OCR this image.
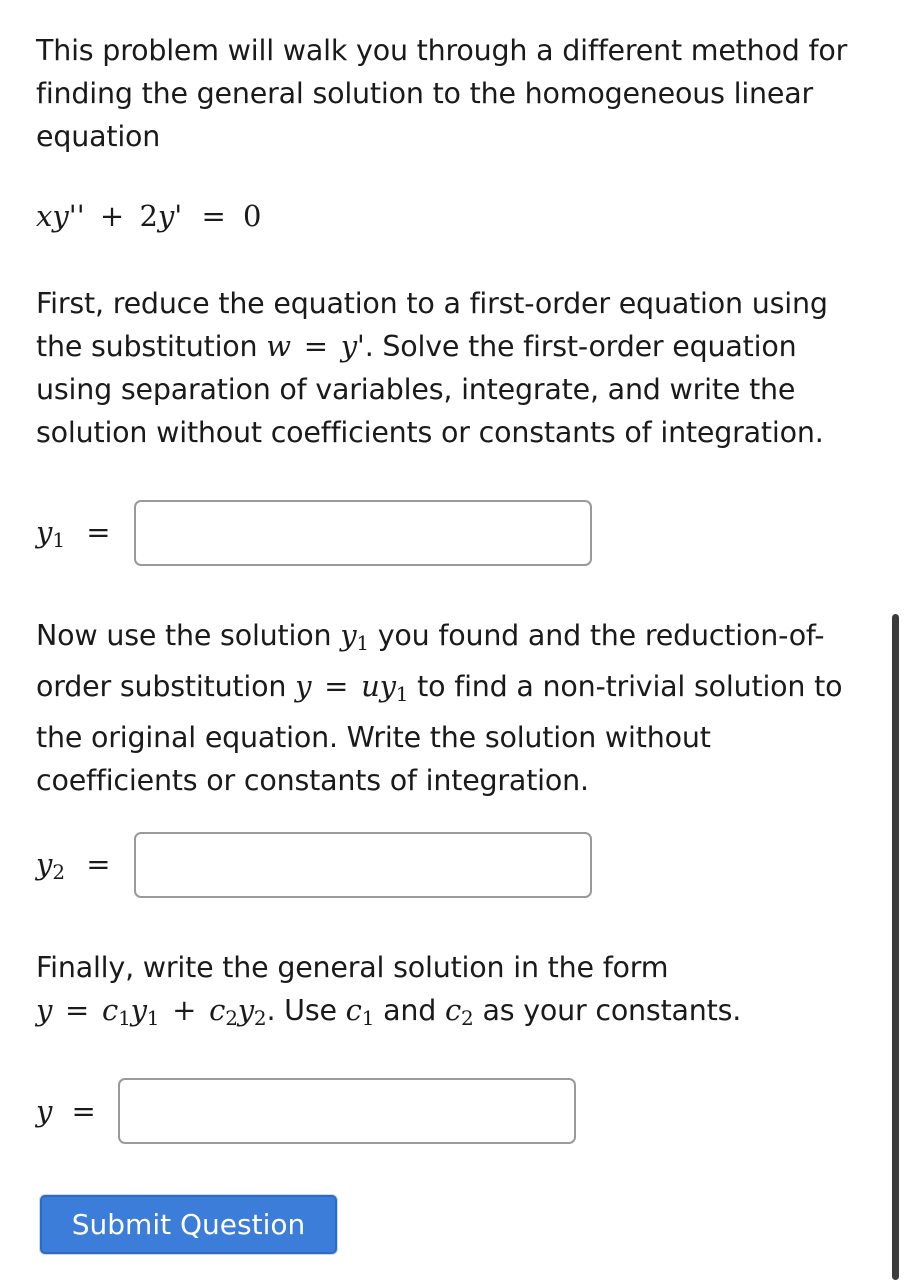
This problem will walk you through a different method for finding the general solution to the homogeneous linear equation
xy'' + 2y' = 0
First, reduce the equation to a first-order equation using the substitution w = y'. Solve the first-order equation using separation of variables, integrate, and write the solution without coefficients or constants of integration.
y1 =
Now use the solution y1 you found and the reduction-of-order substitution y = uy1 to find a non-trivial solution to the original equation. Write the solution without coefficients or constants of integration.
y2 =
Finally, write the general solution in the form
y = c1y1 + c2y2. Use c1 and c2 as your constants.
y =
Submit Question
